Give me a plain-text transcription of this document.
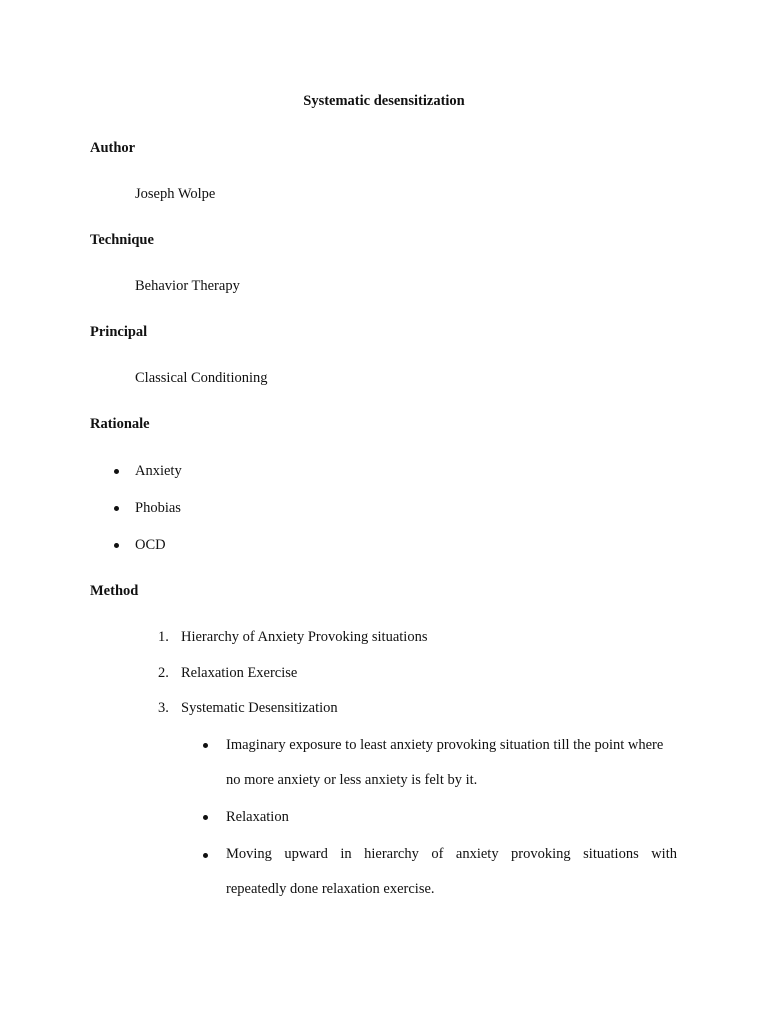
Systematic desensitization
Author
Joseph Wolpe
Technique
Behavior Therapy
Principal
Classical Conditioning
Rationale
Anxiety
Phobias
OCD
Method
1. Hierarchy of Anxiety Provoking situations
2. Relaxation Exercise
3. Systematic Desensitization
Imaginary exposure to least anxiety provoking situation till the point where
no more anxiety or less anxiety is felt by it.
Relaxation
Moving upward in hierarchy of anxiety provoking situations with
repeatedly done relaxation exercise.
